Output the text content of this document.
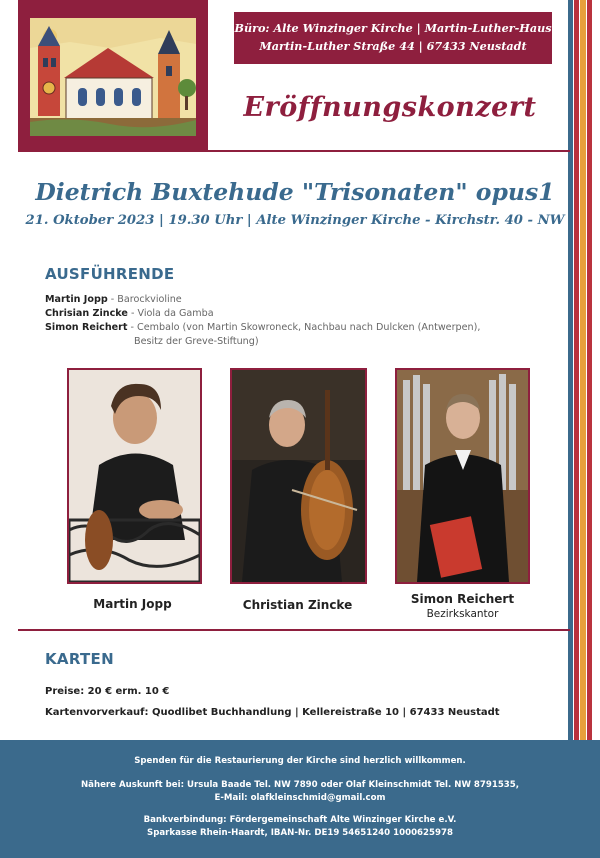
Büro: Alte Winzinger Kirche | Martin-Luther-Haus
Martin-Luther Straße 44 | 67433 Neustadt
Eröffnungskonzert
Dietrich Buxtehude "Trisonaten" opus1
21. Oktober 2023 | 19.30 Uhr | Alte Winzinger Kirche - Kirchstr. 40 - NW
AUSFÜHRENDE
Martin Jopp - Barockvioline
Chrisian Zincke - Viola da Gamba
Simon Reichert - Cembalo (von Martin Skowroneck, Nachbau nach Dulcken (Antwerpen),
Besitz der Greve-Stiftung)
Martin Jopp	Christian Zincke	Simon Reichert
Bezirkskantor
KARTEN
Preise: 20 € erm. 10 €
Kartenvorverkauf: Quodlibet Buchhandlung | Kellereistraße 10 | 67433 Neustadt
Spenden für die Restaurierung der Kirche sind herzlich willkommen.
Nähere Auskunft bei: Ursula Baade Tel. NW 7890 oder Olaf Kleinschmidt Tel. NW 8791535,
E-Mail: olafkleinschmid@gmail.com
Bankverbindung: Fördergemeinschaft Alte Winzinger Kirche e.V.
Sparkasse Rhein-Haardt, IBAN-Nr. DE19 54651240 1000625978
